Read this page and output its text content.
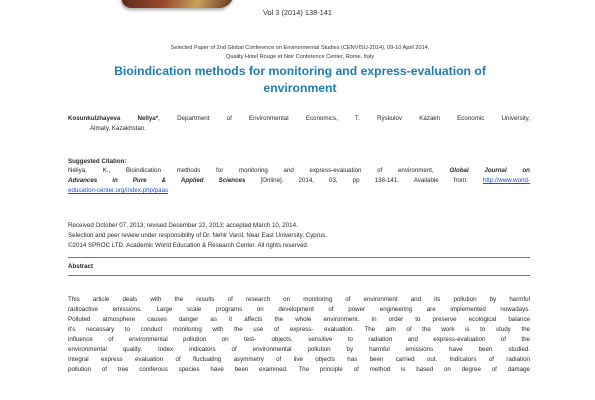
Vol 3 (2014) 138-141
Selected Paper of 2nd Global Conference on Environmental Studies (CENVISU-2014), 09-10 April 2014,
Quality Hotel Rouge et Noir Conference Center, Rome, Italy
Bioindication methods for monitoring and express-evaluation of
environment
Kosunkulzhayeva Nellya*, Department of Environmental Economics, T. Ryskulov Kazakh Economic University,
Almaty, Kazakhstan.
Suggested Citation:
Neliya, K., Bioindication methods for monitoring and express-evaluation of environment,	Global Journal on
Advances in Pure & Applied Sciences [Online]. 2014, 03, pp 138-141. Available from: http://www.world-
education-center.org/index.php/paas
Received October 07, 2013; revised December 22, 2013; accepted March 10, 2014.
Selection and peer review under responsibility of Dr. Nehir Varol, Near East University, Cyprus.
©2014 SPROC LTD. Academic World Education & Research Center. All rights reserved.
Abstract
This article deals with the results of research on monitoring of environment and its pollution by harmful
radioactive emissions. Large scale programs on development of power engineering are implemented nowadays.
Polluted atmosphere causes danger as it affects the whole environment. In order to preserve ecological balance
it's necessary to conduct monitoring with the use of express- evaluation. The aim of the work is to study the
influence of environmental pollution on test- objects, sensitive to radiation and express-evaluation of the
environmental quality. Index indicators of environmental pollution by harmful emissions have been studied.
Integral express evaluation of fluctuating asymmetry of live objects has been carried out. Indicators of radiation
pollution of tree coniferous species have been examined. The principle of method is based on degree of damage
